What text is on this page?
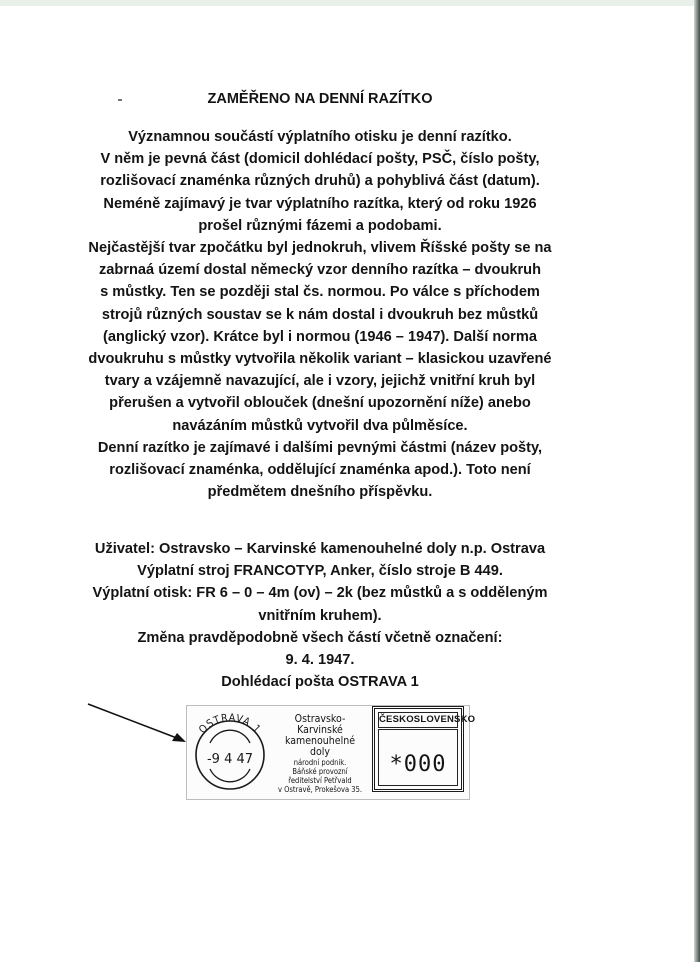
ZAMĚŘENO NA DENNÍ RAZÍTKO

Významnou součástí výplatního otisku je denní razítko.
V něm je pevná část (domicil dohlédací pošty, PSČ, číslo pošty,
rozlišovací znaménka různých druhů) a pohyblivá část (datum).
Neméně zajímavý je tvar výplatního razítka, který od roku 1926
prošel různými fázemi a podobami.
Nejčastější tvar zpočátku byl jednokruh, vlivem Říšské pošty se na
zabrnaá území dostal německý vzor denního razítka – dvoukruh
s můstky. Ten se později stal čs. normou. Po válce s příchodem
strojů různých soustav se k nám dostal i dvoukruh bez můstků
(anglický vzor). Krátce byl i normou (1946 – 1947). Další norma
dvoukruhu s můstky vytvořila několik variant – klasickou uzavřené
tvary a vzájemně navazující, ale i vzory, jejichž vnitřní kruh byl
přerušen a vytvořil oblouček (dnešní upozornění níže) anebo
navázáním můstků vytvořil dva půlměsíce.
Denní razítko je zajímavé i dalšími pevnými částmi (název pošty,
rozlišovací znaménka, oddělující znaménka apod.). Toto není
předmětem dnešního příspěvku.

Uživatel: Ostravsko – Karvinské kamenouhelné doly n.p. Ostrava
Výplatní stroj FRANCOTYP, Anker, číslo stroje B 449.
Výplatní otisk: FR 6 – 0 – 4m (ov) – 2k (bez můstků a s odděleným
vnitřním kruhem).
Změna pravděpodobně všech částí včetně označení:
9. 4. 1947.
Dohlédací pošta OSTRAVA 1

OSTRAVA 1
-9 4 47
Ostravsko-Karvinské
kamenouhelné doly
národní podnik.
Báňské provozní
ředitelství Petřvald
v Ostravě, Prokešova 35.
ČESKOSLOVENSKO
*000
